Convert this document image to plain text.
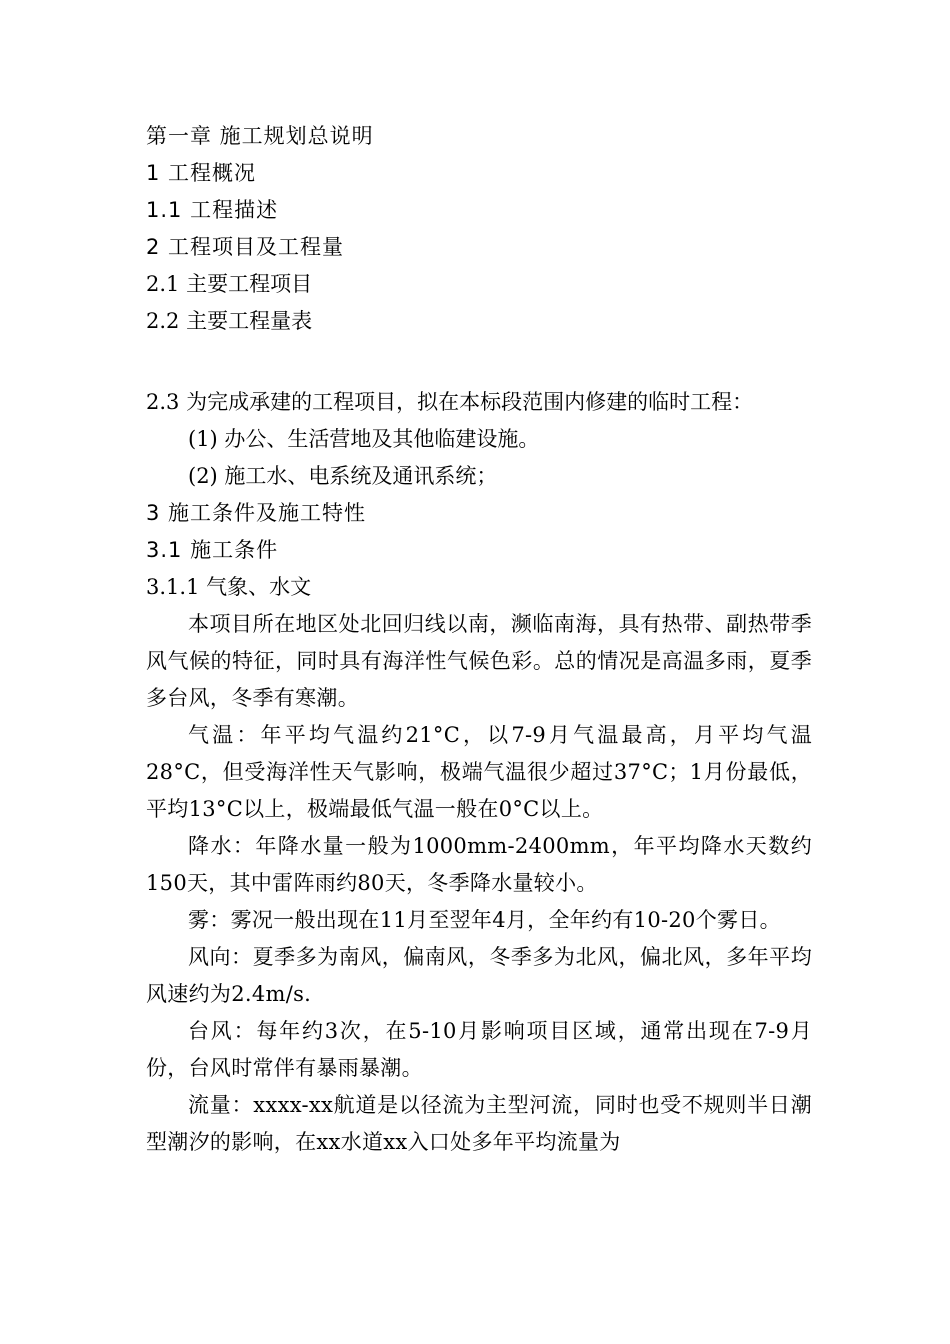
第一章 施工规划总说明

1 工程概况

1.1 工程描述

2 工程项目及工程量

2.1 主要工程项目

2.2 主要工程量表

2.3 为完成承建的工程项目，拟在本标段范围内修建的临时工程：

(1) 办公、生活营地及其他临建设施。

(2) 施工水、电系统及通讯系统；

3 施工条件及施工特性

3.1 施工条件

3.1.1 气象、水文

本项目所在地区处北回归线以南，濒临南海，具有热带、副热带季风气候的特征，同时具有海洋性气候色彩。总的情况是高温多雨，夏季多台风，冬季有寒潮。

气温：年平均气温约21°C，以7-9月气温最高，月平均气温28°C，但受海洋性天气影响，极端气温很少超过37°C；1月份最低，平均13°C以上，极端最低气温一般在0°C以上。

降水：年降水量一般为1000mm-2400mm，年平均降水天数约150天，其中雷阵雨约80天，冬季降水量较小。

雾：雾况一般出现在11月至翌年4月，全年约有10-20个雾日。

风向：夏季多为南风，偏南风，冬季多为北风，偏北风，多年平均风速约为2.4m/s.

台风：每年约3次，在5-10月影响项目区域，通常出现在7-9月份，台风时常伴有暴雨暴潮。

流量：xxxx-xx航道是以径流为主型河流，同时也受不规则半日潮型潮汐的影响，在xx水道xx入口处多年平均流量为
